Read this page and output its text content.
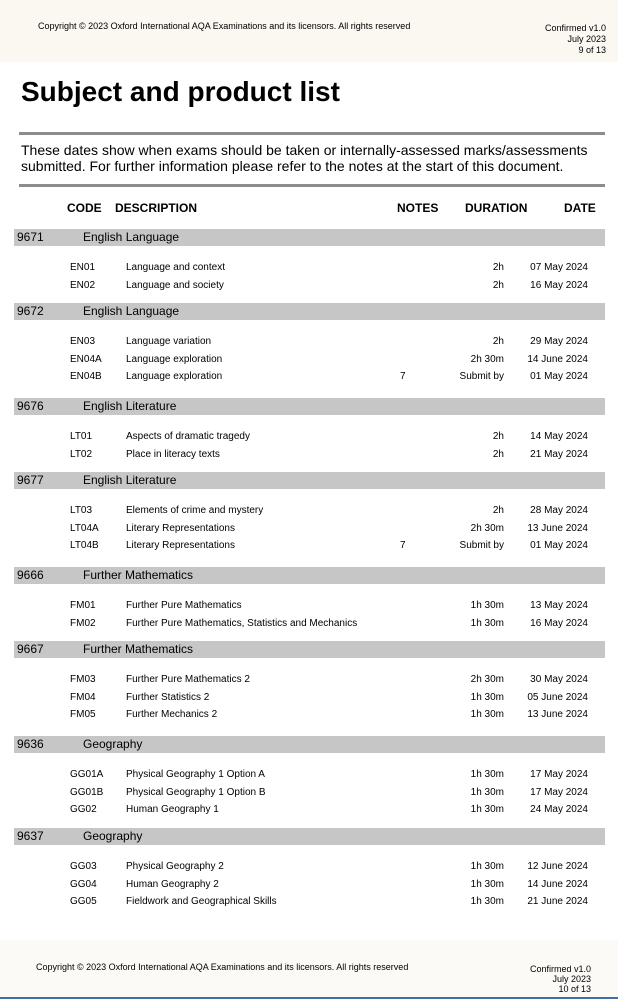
Copyright © 2023 Oxford International AQA Examinations and its licensors. All rights reserved	Confirmed v1.0
July 2023
9 of 13
Subject and product list
These dates show when exams should be taken or internally-assessed marks/assessments submitted. For further information please refer to the notes at the start of this document.
CODE DESCRIPTION	NOTES DURATION	DATE
9671	English Language
EN01	Language and context	2h	07 May 2024
EN02	Language and society	2h	16 May 2024
9672	English Language
EN03	Language variation	2h	29 May 2024
EN04A Language exploration	2h 30m 14 June 2024
EN04B Language exploration	7	Submit by	01 May 2024
9676	English Literature
LT01	Aspects of dramatic tragedy	2h	14 May 2024
LT02	Place in literacy texts	2h	21 May 2024
9677	English Literature
LT03	Elements of crime and mystery	2h	28 May 2024
LT04A	Literary Representations	2h 30m 13 June 2024
LT04B	Literary Representations	7	Submit by	01 May 2024
9666	Further Mathematics
FM01	Further Pure Mathematics	1h 30m	13 May 2024
FM02	Further Pure Mathematics, Statistics and Mechanics	1h 30m	16 May 2024
9667	Further Mathematics
FM03	Further Pure Mathematics 2	2h 30m	30 May 2024
FM04	Further Statistics 2	1h 30m 05 June 2024
FM05	Further Mechanics 2	1h 30m 13 June 2024
9636	Geography
GG01A Physical Geography 1 Option A	1h 30m	17 May 2024
GG01B Physical Geography 1 Option B	1h 30m	17 May 2024
GG02	Human Geography 1	1h 30m	24 May 2024
9637	Geography
GG03	Physical Geography 2	1h 30m 12 June 2024
GG04	Human Geography 2	1h 30m 14 June 2024
GG05	Fieldwork and Geographical Skills	1h 30m 21 June 2024
Copyright © 2023 Oxford International AQA Examinations and its licensors. All rights reserved	Confirmed v1.0
July 2023
10 of 13
